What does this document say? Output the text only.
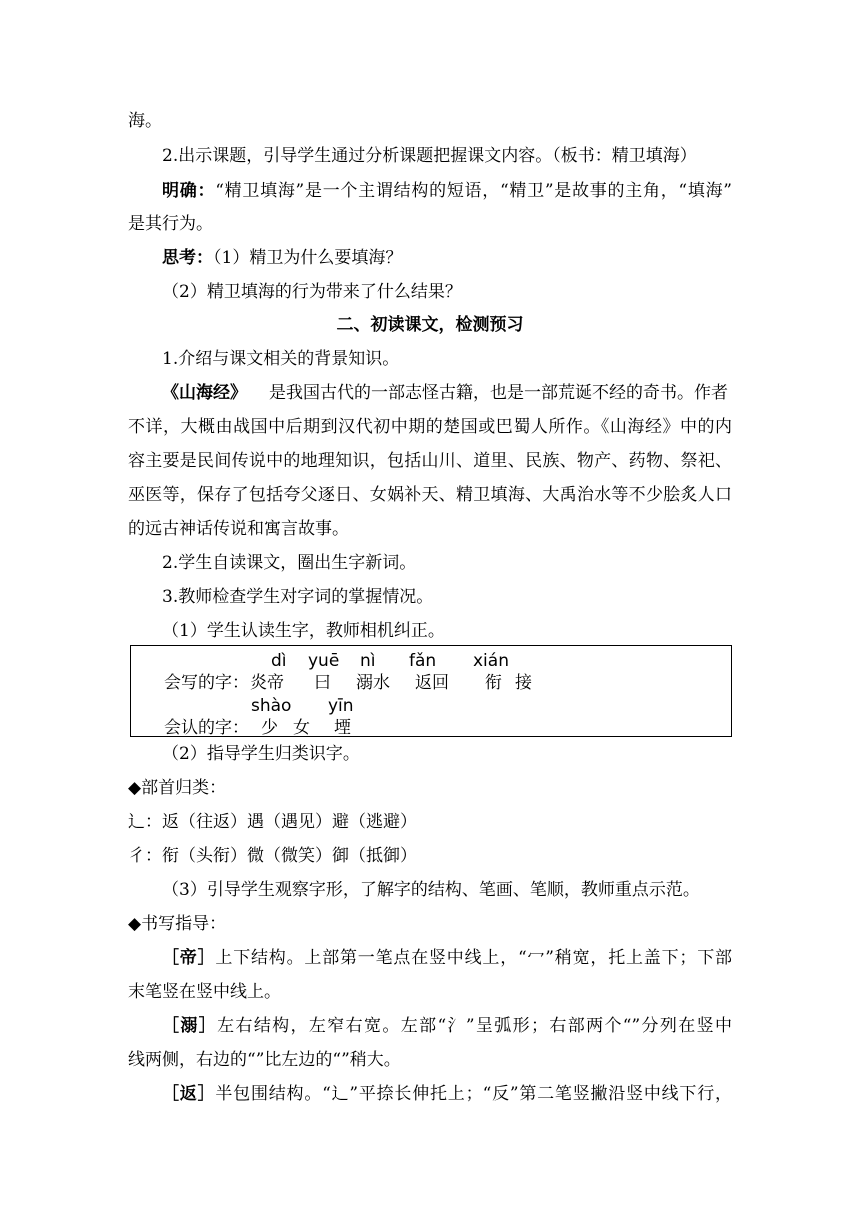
海。
2.出示课题，引导学生通过分析课题把握课文内容。（板书：精卫填海）
明确：“精卫填海”是一个主谓结构的短语，“精卫”是故事的主角，“填海”
是其行为。
思考：（1）精卫为什么要填海？
（2）精卫填海的行为带来了什么结果？
二、初读课文，检测预习
1.介绍与课文相关的背景知识。
《山海经》 是我国古代的一部志怪古籍，也是一部荒诞不经的奇书。作者
不详，大概由战国中后期到汉代初中期的楚国或巴蜀人所作。《山海经》中的内
容主要是民间传说中的地理知识，包括山川、道里、民族、物产、药物、祭祀、
巫医等，保存了包括夸父逐日、女娲补天、精卫填海、大禹治水等不少脍炙人口
的远古神话传说和寓言故事。
2.学生自读课文，圈出生字新词。
3.教师检查学生对字词的掌握情况。
（1）学生认读生字，教师相机纠正。
dì yuē nì fǎn xián
会写的字： 炎帝 曰 溺水 返回 衔 接
shào yīn
会认的字： 少 女 堙
（2）指导学生归类识字。
◆部首归类：
辶：返（往返）遇（遇见）避（逃避）
彳：衔（头衔）微（微笑）御（抵御）
（3）引导学生观察字形，了解字的结构、笔画、笔顺，教师重点示范。
◆书写指导：
［帝］上下结构。上部第一笔点在竖中线上，“冖”稍宽，托上盖下；下部
末笔竖在竖中线上。
［溺］左右结构，左窄右宽。左部“氵”呈弧形；右部两个“”分列在竖中
线两侧，右边的“”比左边的“”稍大。
［返］半包围结构。“辶”平捺长伸托上；“反”第二笔竖撇沿竖中线下行，
